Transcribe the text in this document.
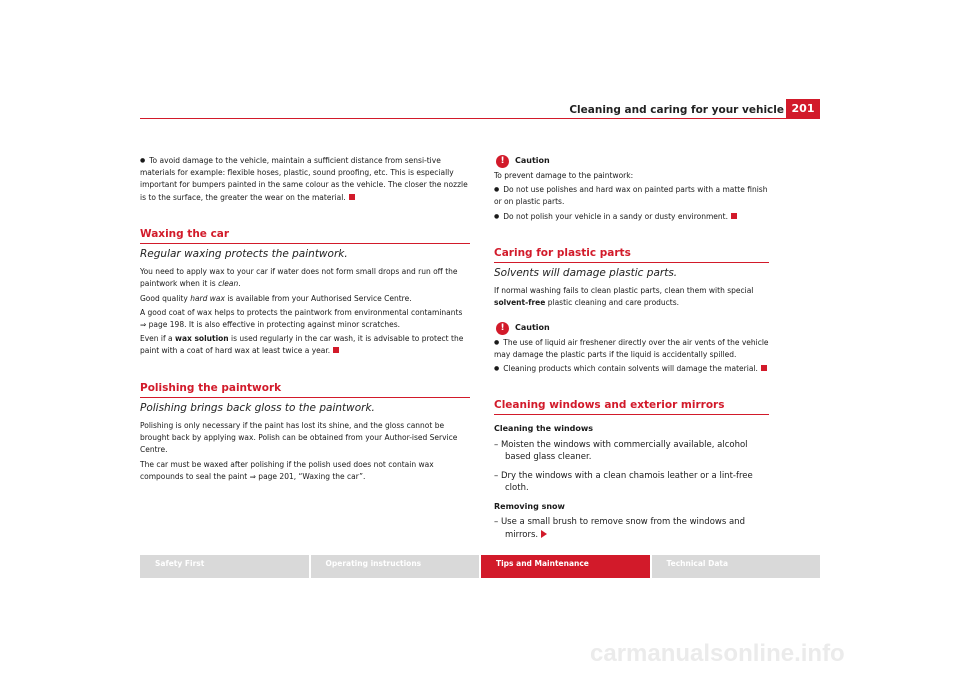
Cleaning and caring for your vehicle 201

● To avoid damage to the vehicle, maintain a sufficient distance from sensi-tive materials for example: flexible hoses, plastic, sound proofing, etc. This is especially important for bumpers painted in the same colour as the vehicle. The closer the nozzle is to the surface, the greater the wear on the material.

Waxing the car
Regular waxing protects the paintwork.

You need to apply wax to your car if water does not form small drops and run off the paintwork when it is clean.

Good quality hard wax is available from your Authorised Service Centre.

A good coat of wax helps to protects the paintwork from environmental contaminants ⇒ page 198. It is also effective in protecting against minor scratches.

Even if a wax solution is used regularly in the car wash, it is advisable to protect the paint with a coat of hard wax at least twice a year.

Polishing the paintwork
Polishing brings back gloss to the paintwork.

Polishing is only necessary if the paint has lost its shine, and the gloss cannot be brought back by applying wax. Polish can be obtained from your Author-ised Service Centre.

The car must be waxed after polishing if the polish used does not contain wax compounds to seal the paint ⇒ page 201, “Waxing the car”.

!	Caution

To prevent damage to the paintwork:

● Do not use polishes and hard wax on painted parts with a matte finish or on plastic parts.

● Do not polish your vehicle in a sandy or dusty environment.

Caring for plastic parts
Solvents will damage plastic parts.

If normal washing fails to clean plastic parts, clean them with special solvent-free plastic cleaning and care products.

!	Caution

● The use of liquid air freshener directly over the air vents of the vehicle may damage the plastic parts if the liquid is accidentally spilled.

● Cleaning products which contain solvents will damage the material.

Cleaning windows and exterior mirrors

Cleaning the windows

– Moisten the windows with commercially available, alcohol based glass cleaner.

– Dry the windows with a clean chamois leather or a lint-free cloth.

Removing snow

– Use a small brush to remove snow from the windows and mirrors.

Safety First	Operating instructions	Tips and Maintenance	Technical Data
carmanualsonline.info
